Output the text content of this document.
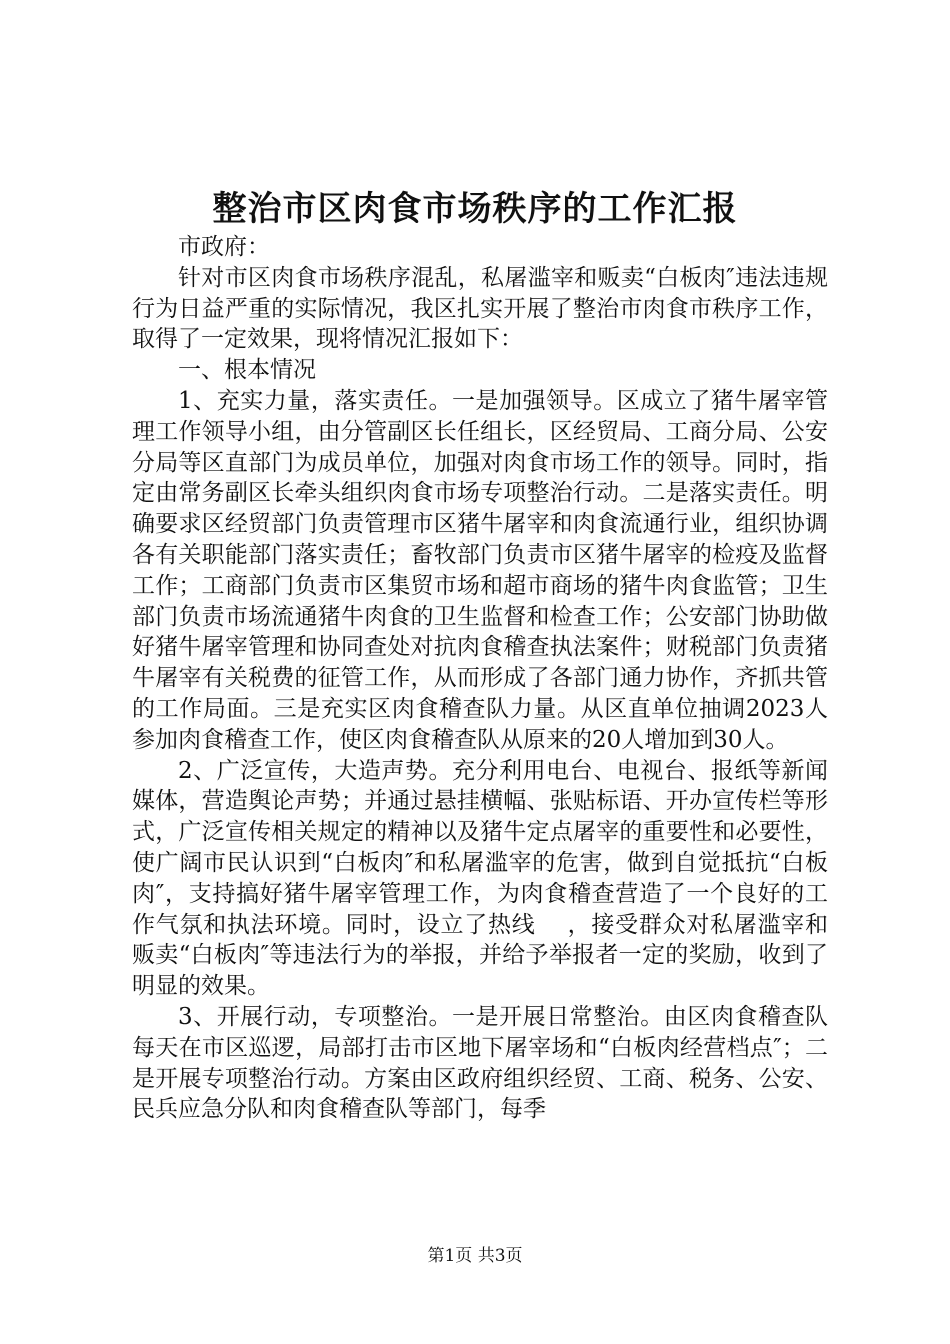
整治市区肉食市场秩序的工作汇报

市政府：

针对市区肉食市场秩序混乱，私屠滥宰和贩卖“白板肉″违法违规行为日益严重的实际情况，我区扎实开展了整治市肉食市秩序工作，取得了一定效果，现将情况汇报如下：

一、根本情况

1、充实力量，落实责任。一是加强领导。区成立了猪牛屠宰管理工作领导小组，由分管副区长任组长，区经贸局、工商分局、公安分局等区直部门为成员单位，加强对肉食市场工作的领导。同时，指定由常务副区长牵头组织肉食市场专项整治行动。二是落实责任。明确要求区经贸部门负责管理市区猪牛屠宰和肉食流通行业，组织协调各有关职能部门落实责任；畜牧部门负责市区猪牛屠宰的检疫及监督工作；工商部门负责市区集贸市场和超市商场的猪牛肉食监管；卫生部门负责市场流通猪牛肉食的卫生监督和检查工作；公安部门协助做好猪牛屠宰管理和协同查处对抗肉食稽查执法案件；财税部门负责猪牛屠宰有关税费的征管工作，从而形成了各部门通力协作，齐抓共管的工作局面。三是充实区肉食稽查队力量。从区直单位抽调2023人参加肉食稽查工作，使区肉食稽查队从原来的20人增加到30人。

2、广泛宣传，大造声势。充分利用电台、电视台、报纸等新闻媒体，营造舆论声势；并通过悬挂横幅、张贴标语、开办宣传栏等形式，广泛宣传相关规定的精神以及猪牛定点屠宰的重要性和必要性，使广阔市民认识到“白板肉″和私屠滥宰的危害，做到自觉抵抗“白板肉″，支持搞好猪牛屠宰管理工作，为肉食稽查营造了一个良好的工作气氛和执法环境。同时，设立了热线    ，接受群众对私屠滥宰和贩卖“白板肉″等违法行为的举报，并给予举报者一定的奖励，收到了明显的效果。

3、开展行动，专项整治。一是开展日常整治。由区肉食稽查队每天在市区巡逻，局部打击市区地下屠宰场和“白板肉经营档点″；二是开展专项整治行动。方案由区政府组织经贸、工商、税务、公安、民兵应急分队和肉食稽查队等部门，每季

第1页 共3页
